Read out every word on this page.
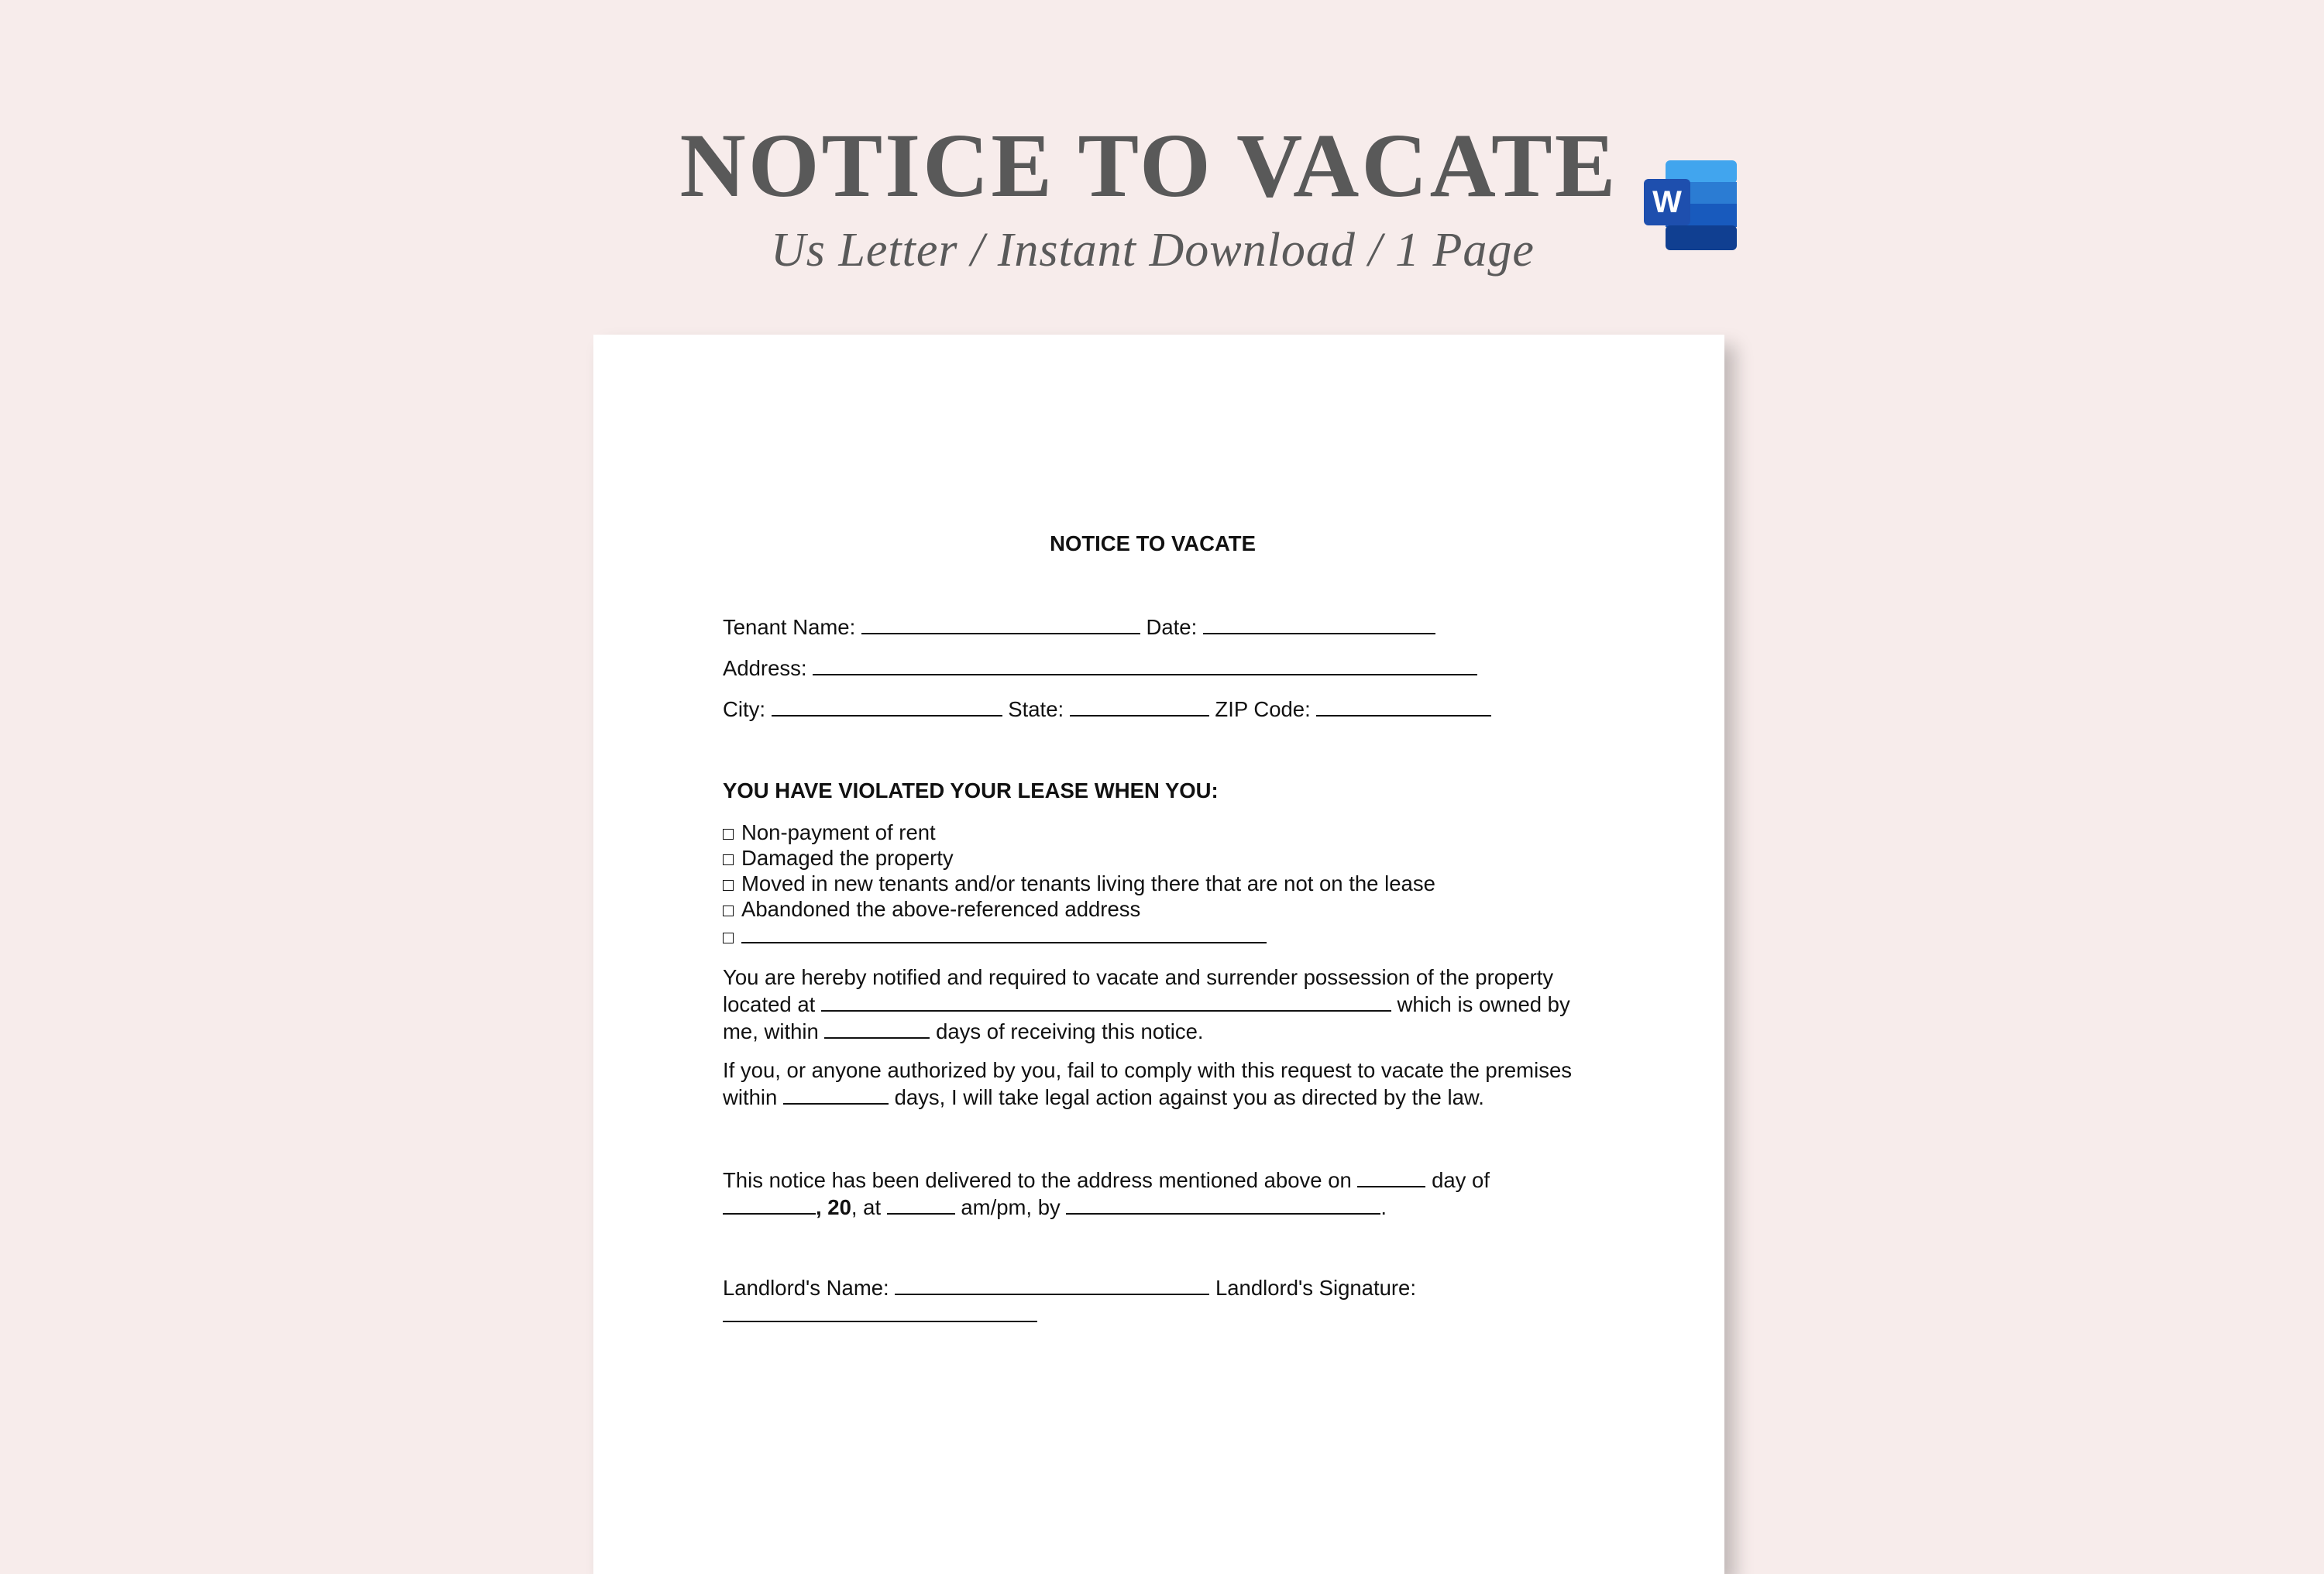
NOTICE TO VACATE
Us Letter / Instant Download / 1 Page
W
NOTICE TO VACATE
Tenant Name:	Date:
Address:
City:	State:	ZIP Code:
YOU HAVE VIOLATED YOUR LEASE WHEN YOU:
Non-payment of rent
Damaged the property
Moved in new tenants and/or tenants living there that are not on the lease
Abandoned the above-referenced address
You are hereby notified and required to vacate and surrender possession of the property
located at	which is owned by
me, within	days of receiving this notice.
If you, or anyone authorized by you, fail to comply with this request to vacate the premises
within	days, I will take legal action against you as directed by the law.
This notice has been delivered to the address mentioned above on	day of
, 20, at	am/pm, by	.
Landlord's Name:	Landlord's Signature:
